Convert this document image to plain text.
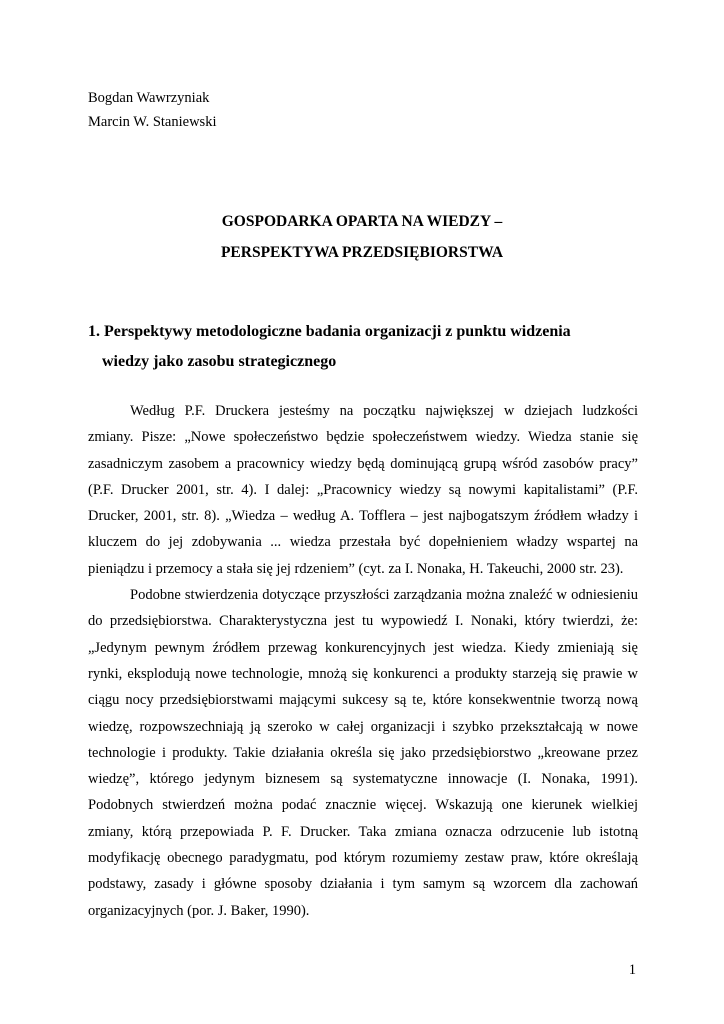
Bogdan Wawrzyniak
Marcin W. Staniewski
GOSPODARKA OPARTA NA WIEDZY –
PERSPEKTYWA PRZEDSIĘBIORSTWA
1. Perspektywy metodologiczne badania organizacji z punktu widzenia
wiedzy jako zasobu strategicznego
Według P.F. Druckera jesteśmy na początku największej w dziejach ludzkości
zmiany. Pisze: „Nowe społeczeństwo będzie społeczeństwem wiedzy. Wiedza stanie się
zasadniczym zasobem a pracownicy wiedzy będą dominującą grupą wśród zasobów pracy”
(P.F. Drucker 2001, str. 4). I dalej: „Pracownicy wiedzy są nowymi kapitalistami” (P.F.
Drucker, 2001, str. 8). „Wiedza – według A. Tofflera – jest najbogatszym źródłem władzy i
kluczem do jej zdobywania ... wiedza przestała być dopełnieniem władzy wspartej na
pieniądzu i przemocy a stała się jej rdzeniem” (cyt. za I. Nonaka, H. Takeuchi, 2000 str. 23).
Podobne stwierdzenia dotyczące przyszłości zarządzania można znaleźć w odniesieniu
do przedsiębiorstwa. Charakterystyczna jest tu wypowiedź I. Nonaki, który twierdzi, że:
„Jedynym pewnym źródłem przewag konkurencyjnych jest wiedza. Kiedy zmieniają się
rynki, eksplodują nowe technologie, mnożą się konkurenci a produkty starzeją się prawie w
ciągu nocy przedsiębiorstwami mającymi sukcesy są te, które konsekwentnie tworzą nową
wiedzę, rozpowszechniają ją szeroko w całej organizacji i szybko przekształcają w nowe
technologie i produkty. Takie działania określa się jako przedsiębiorstwo „kreowane przez
wiedzę”, którego jedynym biznesem są systematyczne innowacje (I. Nonaka, 1991).
Podobnych stwierdzeń można podać znacznie więcej. Wskazują one kierunek wielkiej
zmiany, którą przepowiada P. F. Drucker. Taka zmiana oznacza odrzucenie lub istotną
modyfikację obecnego paradygmatu, pod którym rozumiemy zestaw praw, które określają
podstawy, zasady i główne sposoby działania i tym samym są wzorcem dla zachowań
organizacyjnych (por. J. Baker, 1990).
1
